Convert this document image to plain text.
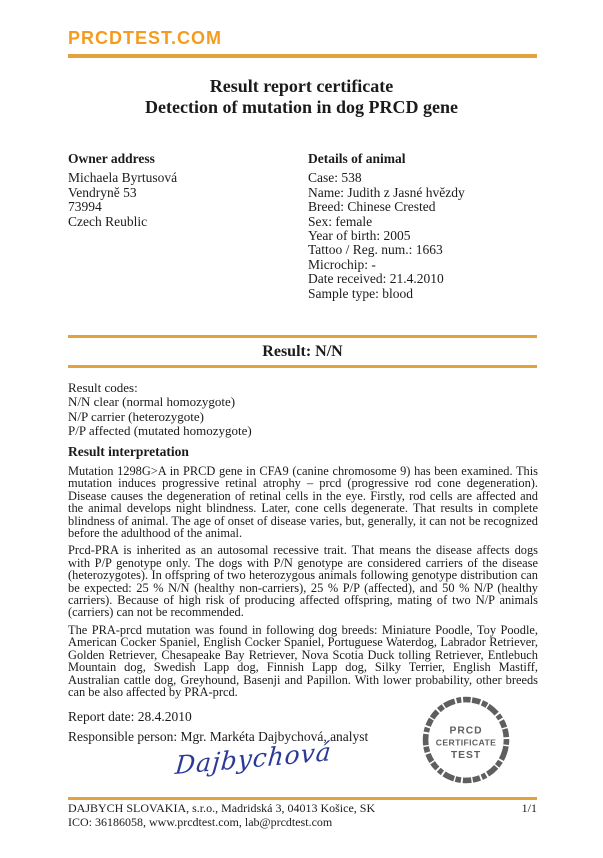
PRCDTEST.COM
Result report certificate
Detection of mutation in dog PRCD gene
Owner address
Michaela Byrtusová
Vendryně 53
73994
Czech Reublic
Details of animal
Case: 538
Name: Judith z Jasné hvězdy
Breed: Chinese Crested
Sex: female
Year of birth: 2005
Tattoo / Reg. num.: 1663
Microchip: -
Date received: 21.4.2010
Sample type: blood
Result: N/N
Result codes:
N/N clear (normal homozygote)
N/P carrier (heterozygote)
P/P affected (mutated homozygote)
Result interpretation

Mutation 1298G>A in PRCD gene in CFA9 (canine chromosome 9) has been examined. This mutation induces progressive retinal atrophy – prcd (progressive rod cone degeneration). Disease causes the degeneration of retinal cells in the eye. Firstly, rod cells are affected and the animal develops night blindness. Later, cone cells degenerate. That results in complete blindness of animal. The age of onset of disease varies, but, generally, it can not be recognized before the adulthood of the animal.

Prcd-PRA is inherited as an autosomal recessive trait. That means the disease affects dogs with P/P genotype only. The dogs with P/N genotype are considered carriers of the disease (heterozygotes). In offspring of two heterozygous animals following genotype distribution can be expected: 25 % N/N (healthy non-carriers), 25 % P/P (affected), and 50 % N/P (healthy carriers). Because of high risk of producing affected offspring, mating of two N/P animals (carriers) can not be recommended.

The PRA-prcd mutation was found in following dog breeds: Miniature Poodle, Toy Poodle, American Cocker Spaniel, English Cocker Spaniel, Portuguese Waterdog, Labrador Retriever, Golden Retriever, Chesapeake Bay Retriever, Nova Scotia Duck tolling Retriever, Entlebuch Mountain dog, Swedish Lapp dog, Finnish Lapp dog, Silky Terrier, English Mastiff, Australian cattle dog, Greyhound, Basenji and Papillon. With lower probability, other breeds can be also affected by PRA-prcd.

Report date: 28.4.2010
Responsible person: Mgr. Markéta Dajbychová, analyst
Dajbychová
PRCD
CERTIFICATE
TEST
DAJBYCH SLOVAKIA, s.r.o., Madridská 3, 04013 Košice, SK	1/1
ICO: 36186058, www.prcdtest.com, lab@prcdtest.com
